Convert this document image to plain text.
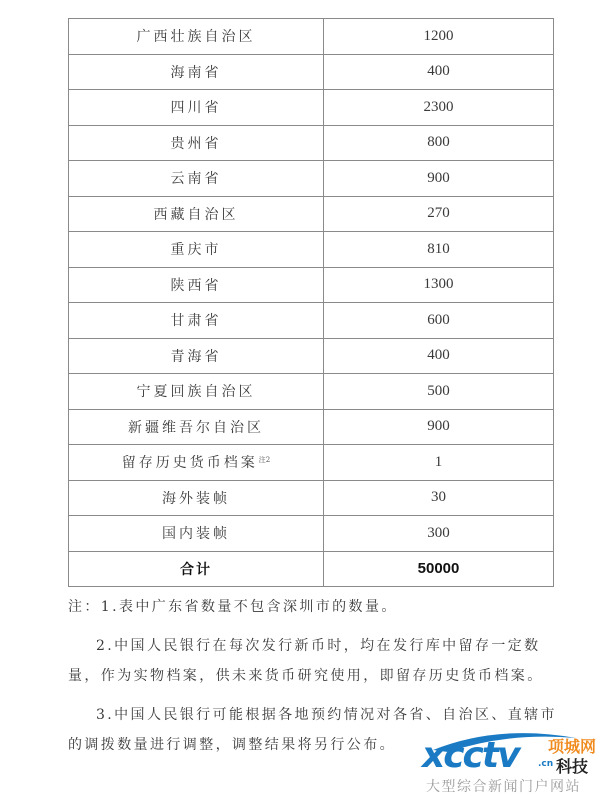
广西壮族自治区	1200
海南省	400
四川省	2300
贵州省	800
云南省	900
西藏自治区	270
重庆市	810
陕西省	1300
甘肃省	600
青海省	400
宁夏回族自治区	500
新疆维吾尔自治区	900
留存历史货币档案$^{注2}$	1
海外装帧	30
国内装帧	300
合计	50000

注：1.表中广东省数量不包含深圳市的数量。

2.中国人民银行在每次发行新币时，均在发行库中留存一定数量，作为实物档案，供未来货币研究使用，即留存历史货币档案。

3.中国人民银行可能根据各地预约情况对各省、自治区、直辖市的调拨数量进行调整，调整结果将另行公布。 xcctv .cn
项城网
科技
大型综合新闻门户网站
